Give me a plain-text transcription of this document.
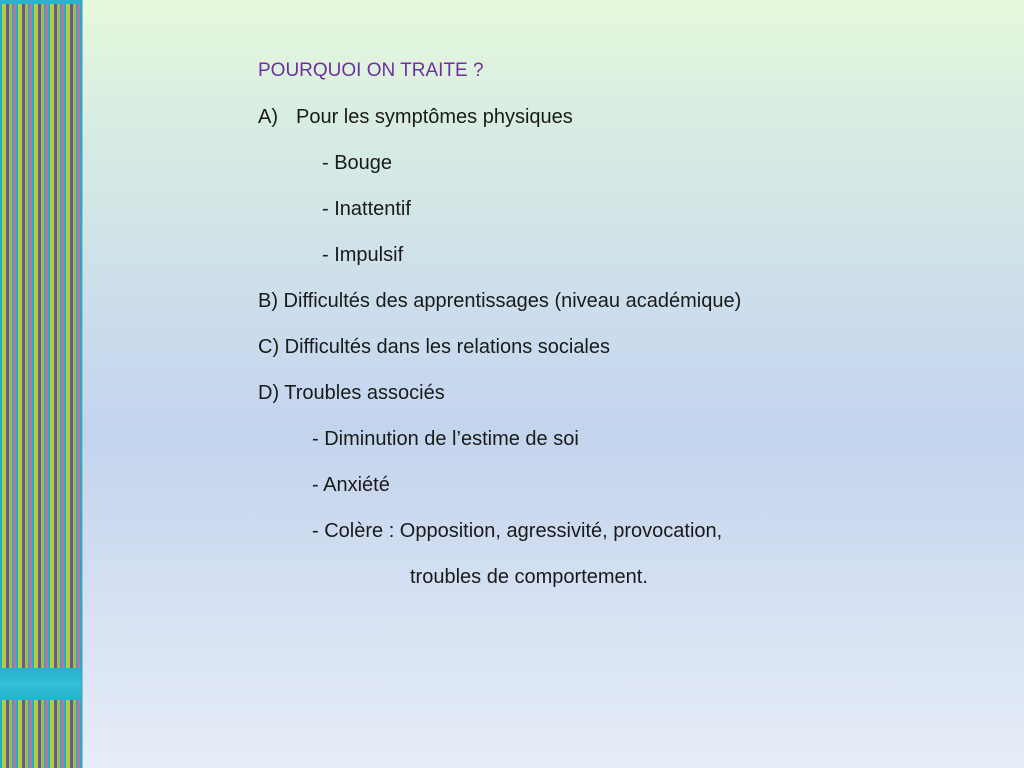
POURQUOI ON TRAITE ?
A) Pour les symptômes physiques
- Bouge
- Inattentif
- Impulsif
B) Difficultés des apprentissages (niveau académique)
C) Difficultés dans les relations sociales
D) Troubles associés
- Diminution de l’estime de soi
- Anxiété
- Colère : Opposition, agressivité, provocation,
troubles de comportement.
